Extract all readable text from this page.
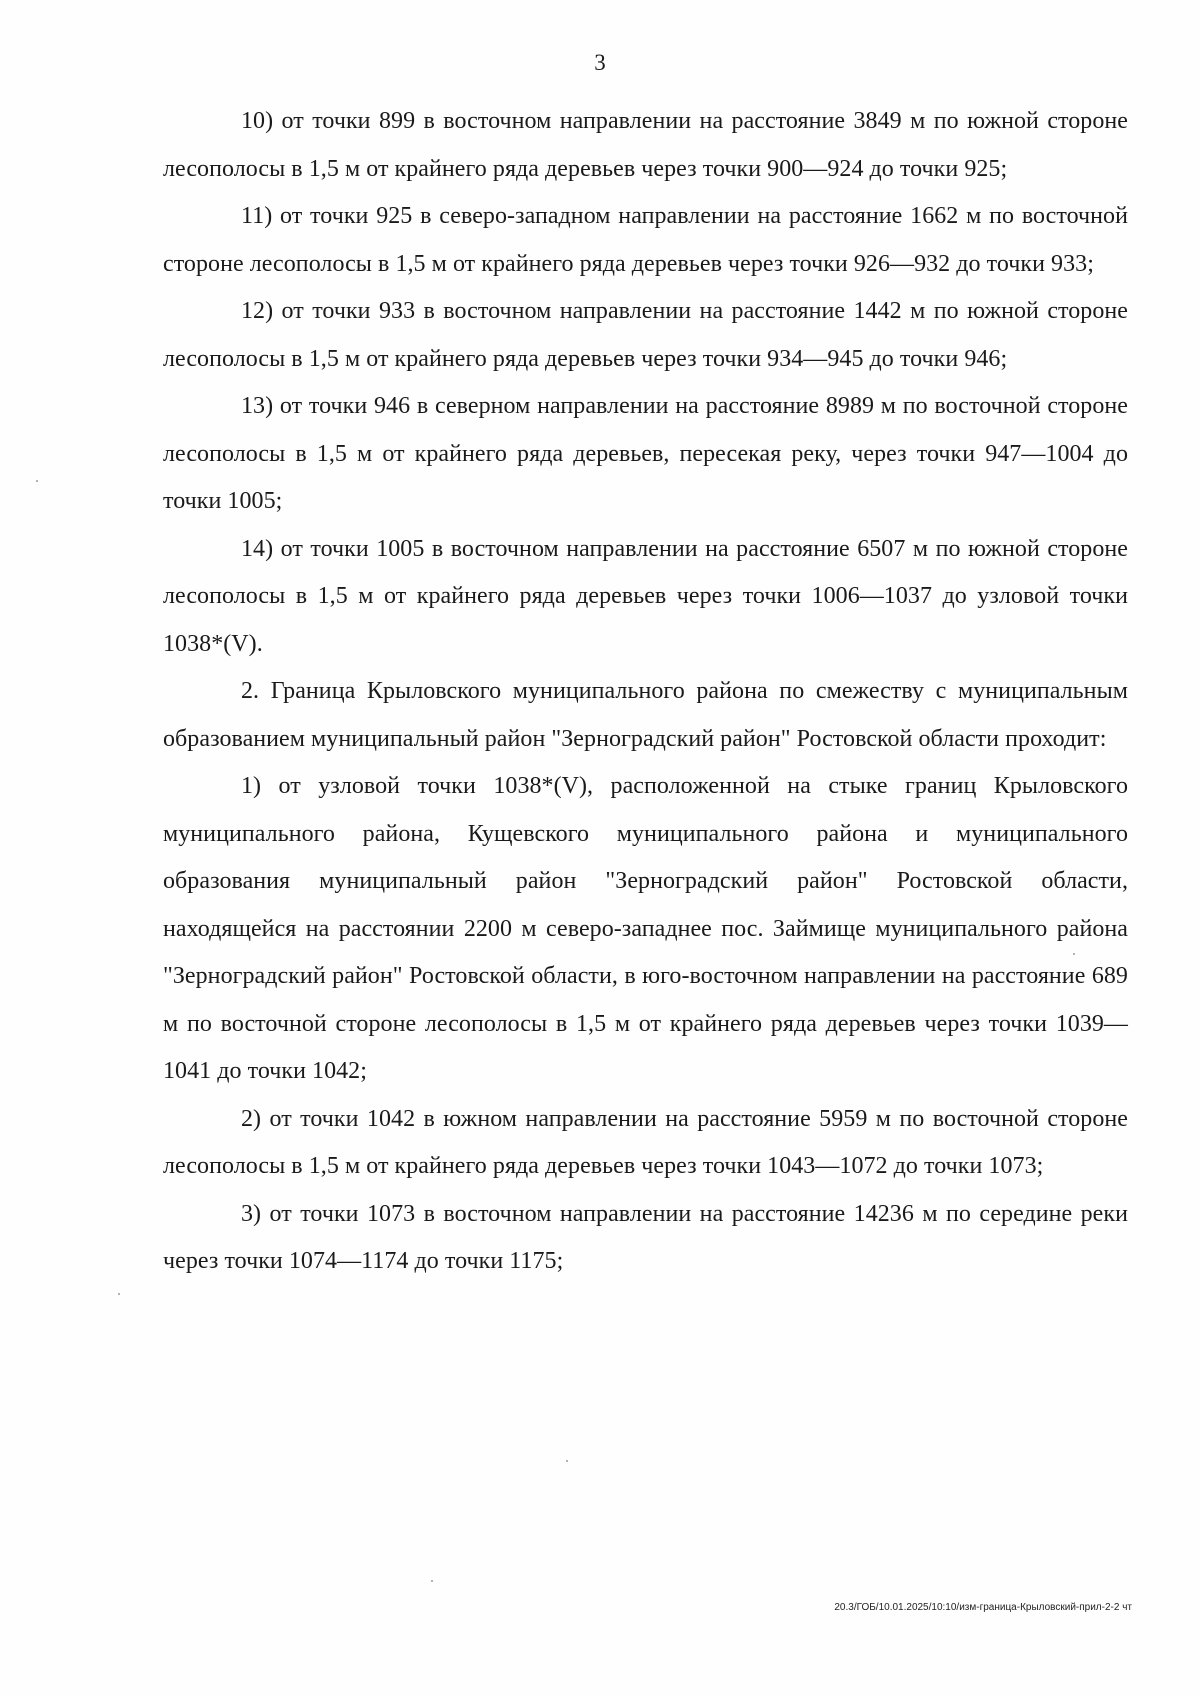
3

10) от точки 899 в восточном направлении на расстояние 3849 м по южной стороне лесополосы в 1,5 м от крайнего ряда деревьев через точки 900—924 до точки 925;

11) от точки 925 в северо-западном направлении на расстояние 1662 м по восточной стороне лесополосы в 1,5 м от крайнего ряда деревьев через точки 926—932 до точки 933;

12) от точки 933 в восточном направлении на расстояние 1442 м по южной стороне лесополосы в 1,5 м от крайнего ряда деревьев через точки 934—945 до точки 946;

13) от точки 946 в северном направлении на расстояние 8989 м по восточной стороне лесополосы в 1,5 м от крайнего ряда деревьев, пересекая реку, через точки 947—1004 до точки 1005;

14) от точки 1005 в восточном направлении на расстояние 6507 м по южной стороне лесополосы в 1,5 м от крайнего ряда деревьев через точки 1006—1037 до узловой точки 1038*(V).

2. Граница Крыловского муниципального района по смежеству с муниципальным образованием муниципальный район "Зерноградский район" Ростовской области проходит:

1) от узловой точки 1038*(V), расположенной на стыке границ Крыловского муниципального района, Кущевского муниципального района и муниципального образования муниципальный район "Зерноградский район" Ростовской области, находящейся на расстоянии 2200 м северо-западнее пос. Займище муниципального района "Зерноградский район" Ростовской области, в юго-восточном направлении на расстояние 689 м по восточной стороне лесополосы в 1,5 м от крайнего ряда деревьев через точки 1039—1041 до точки 1042;

2) от точки 1042 в южном направлении на расстояние 5959 м по восточной стороне лесополосы в 1,5 м от крайнего ряда деревьев через точки 1043—1072 до точки 1073;

3) от точки 1073 в восточном направлении на расстояние 14236 м по середине реки через точки 1074—1174 до точки 1175;

20.3/ГОБ/10.01.2025/10:10/изм-граница-Крыловский-прил-2-2 чт
